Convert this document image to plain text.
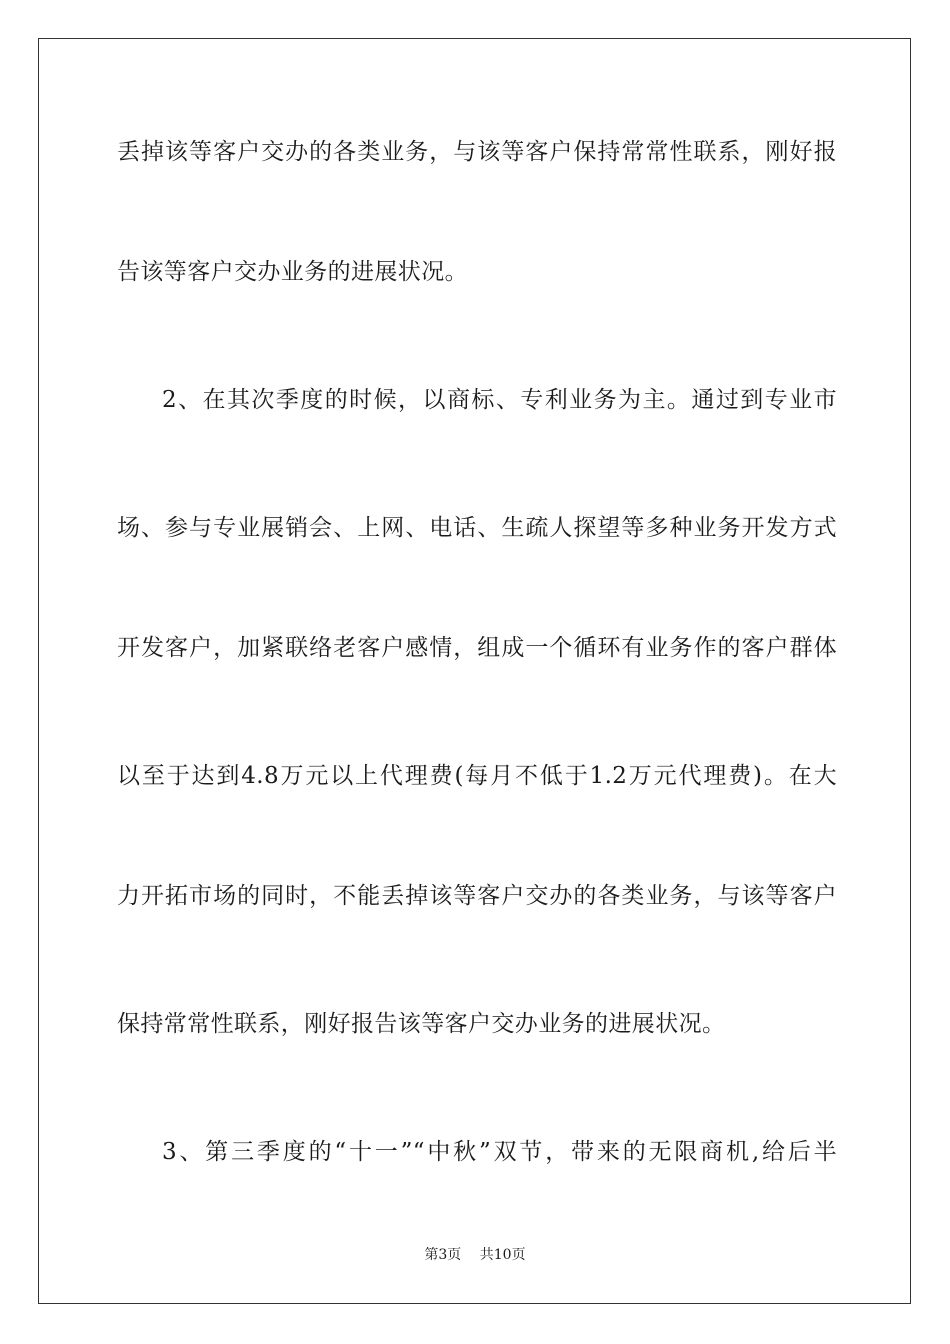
丢掉该等客户交办的各类业务，与该等客户保持常常性联系，刚好报
告该等客户交办业务的进展状况。
2、在其次季度的时候，以商标、专利业务为主。通过到专业市
场、参与专业展销会、上网、电话、生疏人探望等多种业务开发方式
开发客户，加紧联络老客户感情，组成一个循环有业务作的客户群体
以至于达到4.8万元以上代理费(每月不低于1.2万元代理费)。在大
力开拓市场的同时，不能丢掉该等客户交办的各类业务，与该等客户
保持常常性联系，刚好报告该等客户交办业务的进展状况。
3、第三季度的“十一”“中秋”双节，带来的无限商机,给后半
第3页 共10页
